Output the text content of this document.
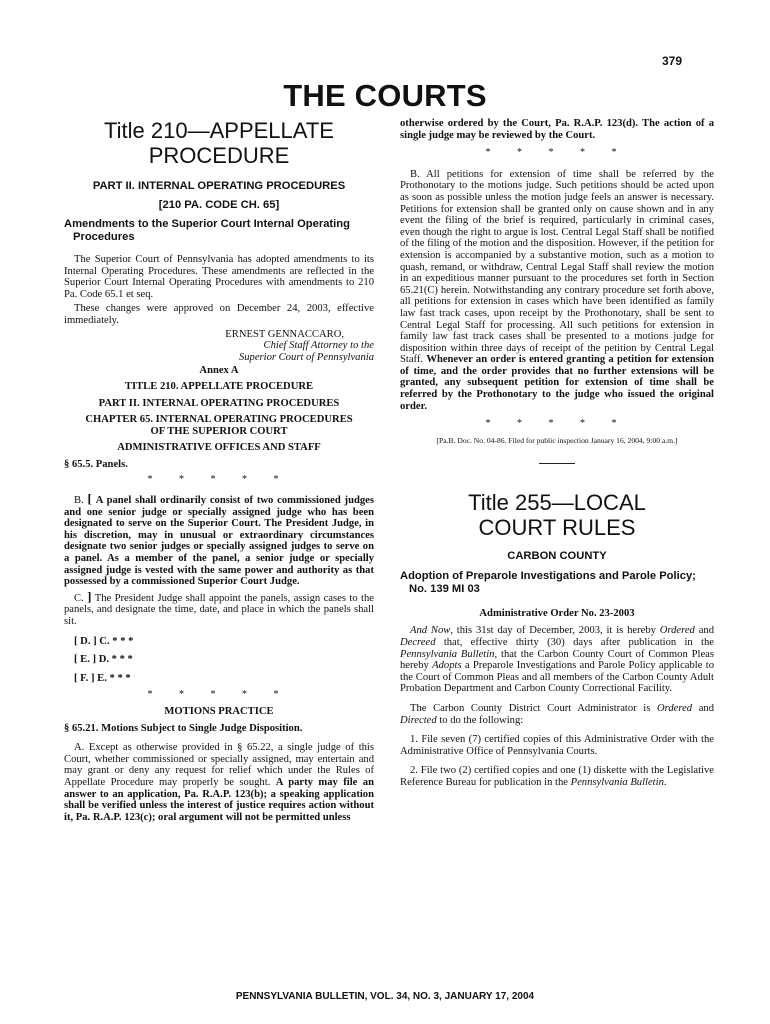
379
THE COURTS
Title 210—APPELLATE
PROCEDURE
PART II. INTERNAL OPERATING PROCEDURES
[210 PA. CODE CH. 65]
Amendments to the Superior Court Internal Operating Procedures

The Superior Court of Pennsylvania has adopted amendments to its Internal Operating Procedures. These amendments are reflected in the Superior Court Internal Operating Procedures with amendments to 210 Pa. Code 65.1 et seq.

These changes were approved on December 24, 2003, effective immediately.

ERNEST GENNACCARO,
Chief Staff Attorney to the
Superior Court of Pennsylvania
Annex A
TITLE 210. APPELLATE PROCEDURE
PART II. INTERNAL OPERATING PROCEDURES
CHAPTER 65. INTERNAL OPERATING PROCEDURES OF THE SUPERIOR COURT
ADMINISTRATIVE OFFICES AND STAFF
§ 65.5. Panels.
* * * * *

B. [ A panel shall ordinarily consist of two commissioned judges and one senior judge or specially assigned judge who has been designated to serve on the Superior Court. The President Judge, in his discretion, may in unusual or extraordinary circumstances designate two senior judges or specially assigned judges to serve on a panel. As a member of the panel, a senior judge or specially assigned judge is vested with the same power and authority as that possessed by a commissioned Superior Court Judge.

C. ] The President Judge shall appoint the panels, assign cases to the panels, and designate the time, date, and place in which the panels shall sit.

[ D. ] C. * * *

[ E. ] D. * * *

[ F. ] E. * * *

* * * * *
MOTIONS PRACTICE
§ 65.21. Motions Subject to Single Judge Disposition.

A. Except as otherwise provided in § 65.22, a single judge of this Court, whether commissioned or specially assigned, may entertain and may grant or deny any request for relief which under the Rules of Appellate Procedure may properly be sought. A party may file an answer to an application, Pa. R.A.P. 123(b); a speaking application shall be verified unless the interest of justice requires action without it, Pa. R.A.P. 123(c); oral argument will not be permitted unless

otherwise ordered by the Court, Pa. R.A.P. 123(d). The action of a single judge may be reviewed by the Court.

* * * * *

B. All petitions for extension of time shall be referred by the Prothonotary to the motions judge. Such petitions should be acted upon as soon as possible unless the motion judge feels an answer is necessary. Petitions for extension shall be granted only on cause shown and in any event the filing of the brief is required, particularly in criminal cases, even though the right to argue is lost. Central Legal Staff shall be notified of the filing of the motion and the disposition. However, if the petition for extension is accompanied by a substantive motion, such as a motion to quash, remand, or withdraw, Central Legal Staff shall review the motion in an expeditious manner pursuant to the procedures set forth in Section 65.21(C) herein. Notwithstanding any contrary procedure set forth above, all petitions for extension in cases which have been identified as family law fast track cases, upon receipt by the Prothonotary, shall be sent to Central Legal Staff for processing. All such petitions for extension in family law fast track cases shall be presented to a motions judge for disposition within three days of receipt of the petition by Central Legal Staff. Whenever an order is entered granting a petition for extension of time, and the order provides that no further extensions will be granted, any subsequent petition for extension of time shall be referred by the Prothonotary to the judge who issued the original order.

* * * * *
[Pa.B. Doc. No. 04-86. Filed for public inspection January 16, 2004, 9:00 a.m.]
Title 255—LOCAL
COURT RULES
CARBON COUNTY
Adoption of Preparole Investigations and Parole Policy; No. 139 MI 03
Administrative Order No. 23-2003

And Now, this 31st day of December, 2003, it is hereby Ordered and Decreed that, effective thirty (30) days after publication in the Pennsylvania Bulletin, that the Carbon County Court of Common Pleas hereby Adopts a Preparole Investigations and Parole Policy applicable to the Court of Common Pleas and all members of the Carbon County Adult Probation Department and Carbon County Correctional Facility.

The Carbon County District Court Administrator is Ordered and Directed to do the following:

1. File seven (7) certified copies of this Administrative Order with the Administrative Office of Pennsylvania Courts.

2. File two (2) certified copies and one (1) diskette with the Legislative Reference Bureau for publication in the Pennsylvania Bulletin.

PENNSYLVANIA BULLETIN, VOL. 34, NO. 3, JANUARY 17, 2004
